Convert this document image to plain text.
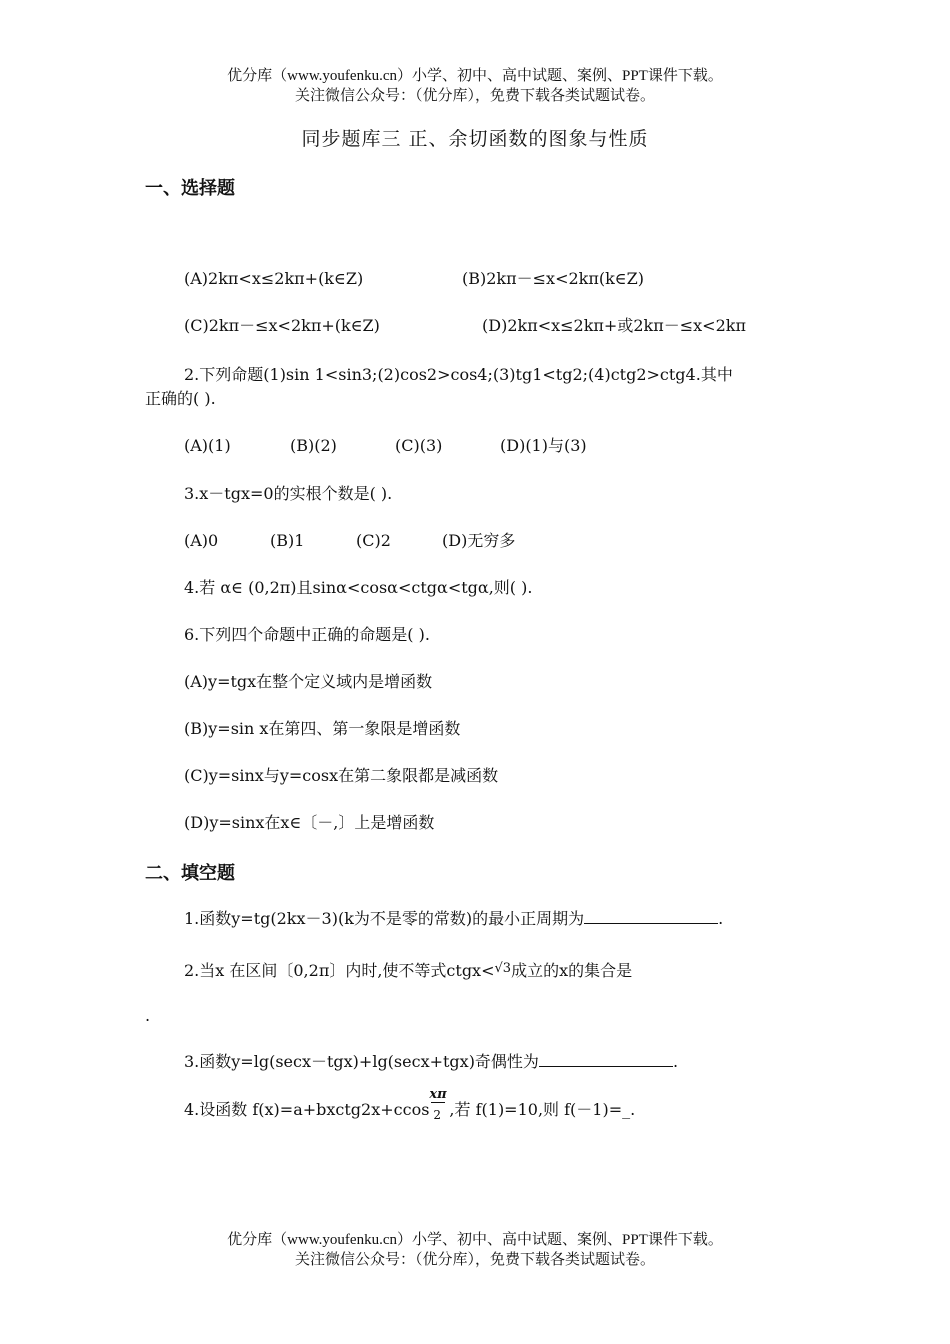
优分库（www.youfenku.cn）小学、初中、高中试题、案例、PPT课件下载。
关注微信公众号：（优分库），免费下载各类试题试卷。
同步题库三 正、余切函数的图象与性质
一、选择题
(A)2kπ<x≤2kπ+(k∈Z)	(B)2kπ－≤x<2kπ(k∈Z)
(C)2kπ－≤x<2kπ+(k∈Z)	(D)2kπ<x≤2kπ+或2kπ－≤x<2kπ
2.下列命题(1)sin 1<sin3;(2)cos2>cos4;(3)tg1<tg2;(4)ctg2>ctg4.其中
正确的( ).
(A)(1)	(B)(2)	(C)(3)	(D)(1)与(3)
3.x－tgx=0的实根个数是( ).
(A)0	(B)1	(C)2	(D)无穷多
4.若 α∈ (0,2π)且sinα<cosα<ctgα<tgα,则( ).
6.下列四个命题中正确的命题是( ).
(A)y=tgx在整个定义域内是增函数
(B)y=sin x在第四、第一象限是增函数
(C)y=sinx与y=cosx在第二象限都是减函数
(D)y=sinx在x∈〔－,〕上是增函数
二、填空题
1.函数y=tg(2kx－3)(k为不是零的常数)的最小正周期为	.
2.当x 在区间〔0,2π〕内时,使不等式ctgx<√3成立的x的集合是
.
3.函数y=lg(secx－tgx)+lg(secx+tgx)奇偶性为	.
4.设函数 f(x)=a+bxctg2x+ccos $\frac{x\pi}{2}$ ,若 f(1)=10,则 f(－1)=_.
优分库（www.youfenku.cn）小学、初中、高中试题、案例、PPT课件下载。
关注微信公众号：（优分库），免费下载各类试题试卷。
